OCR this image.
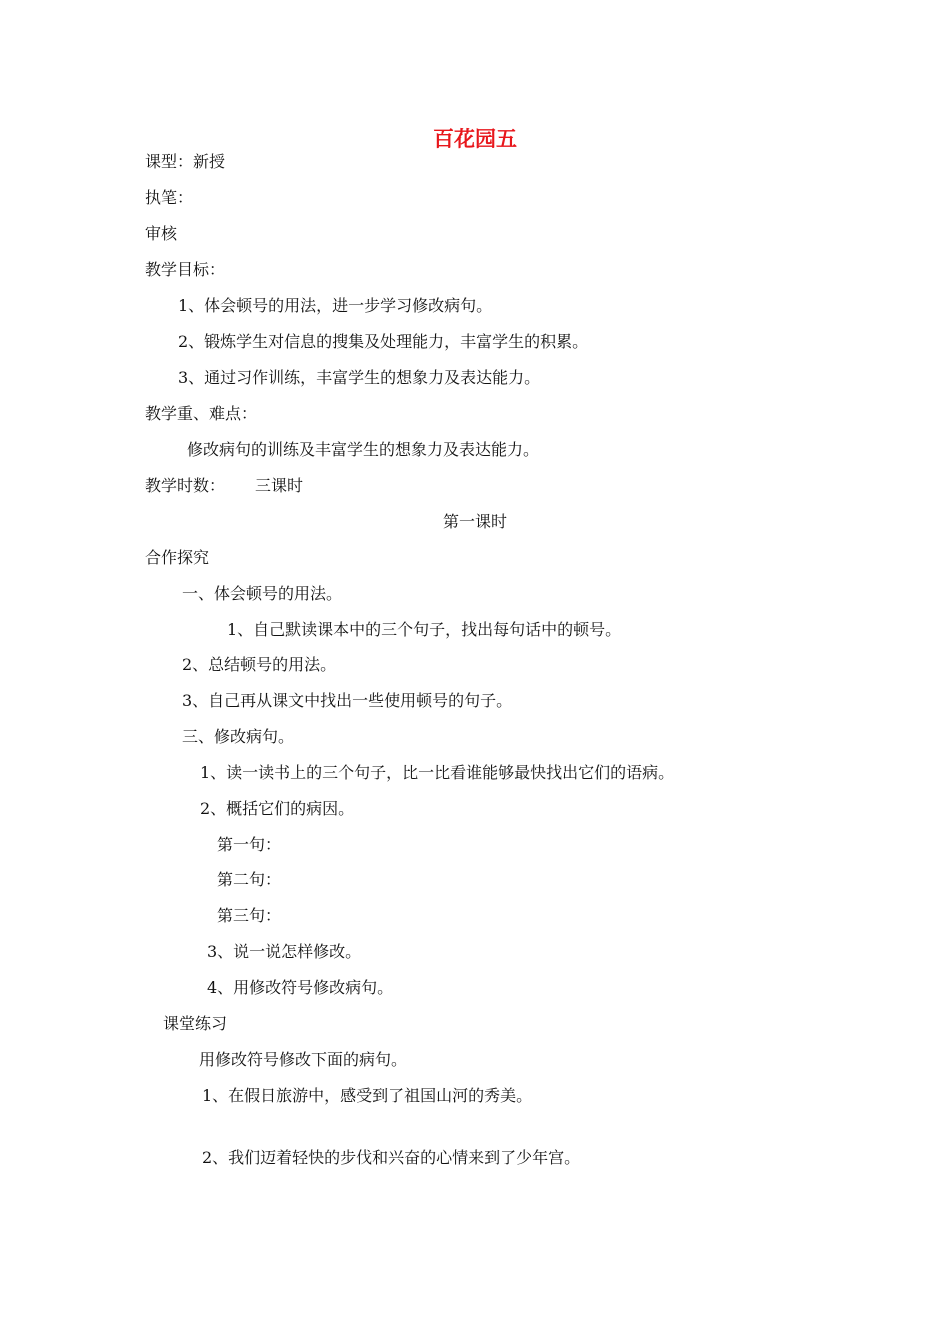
百花园五
课型：新授
执笔：
审核
教学目标：
1、体会顿号的用法，进一步学习修改病句。
2、锻炼学生对信息的搜集及处理能力，丰富学生的积累。
3、通过习作训练，丰富学生的想象力及表达能力。
教学重、难点：
修改病句的训练及丰富学生的想象力及表达能力。
教学时数： 三课时
第一课时
合作探究
一、体会顿号的用法。
1、自己默读课本中的三个句子，找出每句话中的顿号。
2、总结顿号的用法。
3、自己再从课文中找出一些使用顿号的句子。
三、修改病句。
1、读一读书上的三个句子，比一比看谁能够最快找出它们的语病。
2、概括它们的病因。
第一句：
第二句：
第三句：
3、说一说怎样修改。
4、用修改符号修改病句。
课堂练习
用修改符号修改下面的病句。
1、在假日旅游中，感受到了祖国山河的秀美。
2、我们迈着轻快的步伐和兴奋的心情来到了少年宫。
